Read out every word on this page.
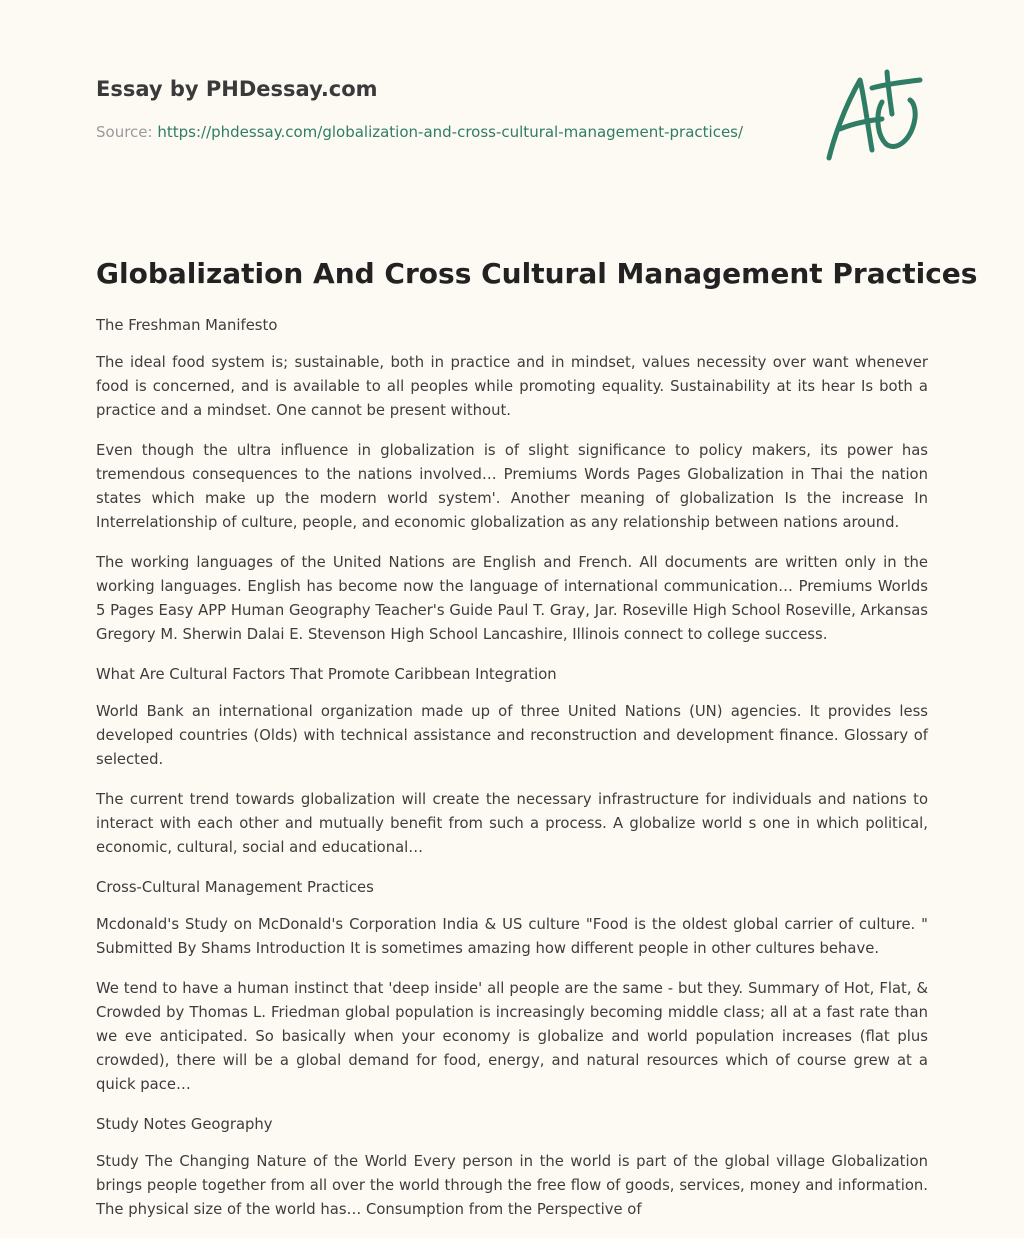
Essay by PHDessay.com
Source: https://phdessay.com/globalization-and-cross-cultural-management-practices/
Globalization And Cross Cultural Management Practices

The Freshman Manifesto

The ideal food system is; sustainable, both in practice and in mindset, values necessity over want whenever food is concerned, and is available to all peoples while promoting equality. Sustainability at its hear Is both a practice and a mindset. One cannot be present without.

Even though the ultra influence in globalization is of slight significance to policy makers, its power has tremendous consequences to the nations involved… Premiums Words Pages Globalization in Thai the nation states which make up the modern world system'. Another meaning of globalization Is the increase In Interrelationship of culture, people, and economic globalization as any relationship between nations around.

The working languages of the United Nations are English and French. All documents are written only in the working languages. English has become now the language of international communication… Premiums Worlds 5 Pages Easy APP Human Geography Teacher's Guide Paul T. Gray, Jar. Roseville High School Roseville, Arkansas Gregory M. Sherwin Dalai E. Stevenson High School Lancashire, Illinois connect to college success.

What Are Cultural Factors That Promote Caribbean Integration

World Bank an international organization made up of three United Nations (UN) agencies. It provides less developed countries (Olds) with technical assistance and reconstruction and development finance. Glossary of selected.

The current trend towards globalization will create the necessary infrastructure for individuals and nations to interact with each other and mutually benefit from such a process. A globalize world s one in which political, economic, cultural, social and educational…

Cross-Cultural Management Practices

Mcdonald's Study on McDonald's Corporation India & US culture "Food is the oldest global carrier of culture. " Submitted By Shams Introduction It is sometimes amazing how different people in other cultures behave.

We tend to have a human instinct that 'deep inside' all people are the same - but they. Summary of Hot, Flat, & Crowded by Thomas L. Friedman global population is increasingly becoming middle class; all at a fast rate than we eve anticipated. So basically when your economy is globalize and world population increases (flat plus crowded), there will be a global demand for food, energy, and natural resources which of course grew at a quick pace…

Study Notes Geography

Study The Changing Nature of the World Every person in the world is part of the global village Globalization brings people together from all over the world through the free flow of goods, services, money and information. The physical size of the world has… Consumption from the Perspective of
